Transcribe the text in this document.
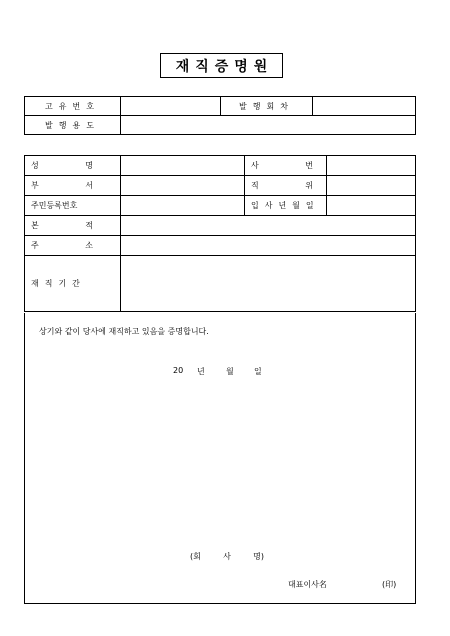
재직증명원
고유번호		발행회차	
발행용도			
성 명		사 번	

부 서		직 위	

주민등록번호		입사년월일	

본 적			

주 소			

재직기간			
상기와 같이 당사에 재직하고 있음을 증명합니다.
20	년	월	일
(회	사	명)
대표이사名	(印)
